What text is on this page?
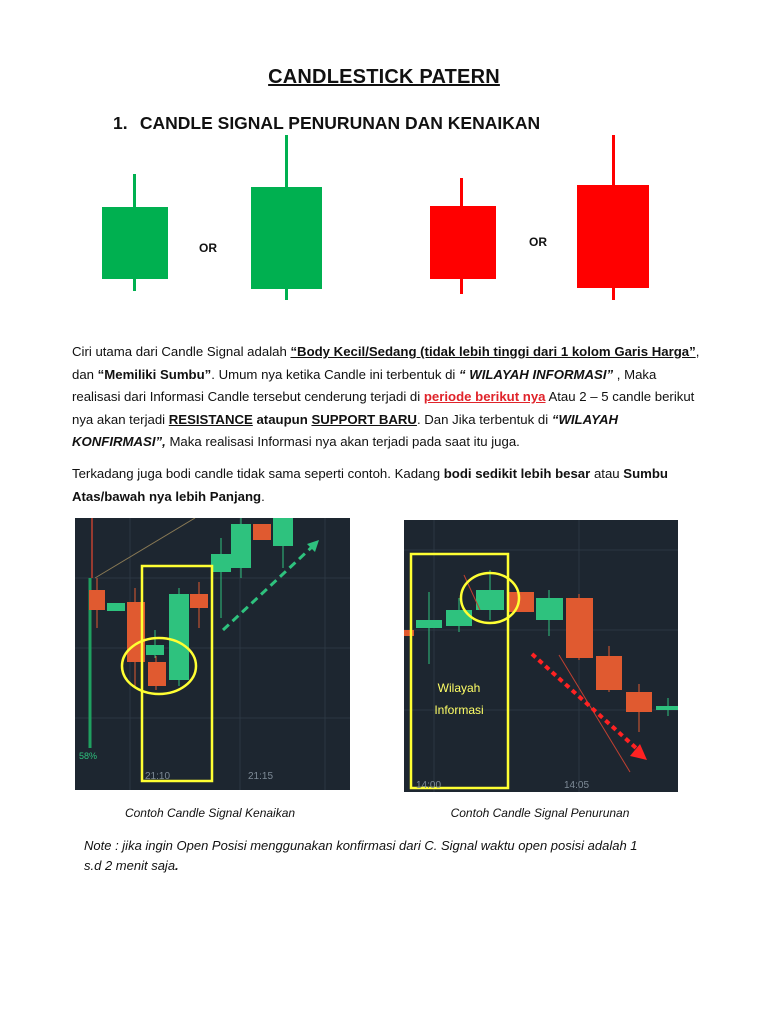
CANDLESTICK PATERN
1. CANDLE SIGNAL PENURUNAN DAN KENAIKAN
OR	OR
Ciri utama dari Candle Signal adalah “Body Kecil/Sedang (tidak lebih tinggi dari 1 kolom Garis Harga”, dan “Memiliki Sumbu”. Umum nya ketika Candle ini terbentuk di “ WILAYAH INFORMASI” , Maka realisasi dari Informasi Candle tersebut cenderung terjadi di periode berikut nya Atau 2 – 5 candle berikut nya akan terjadi RESISTANCE ataupun SUPPORT BARU. Dan Jika terbentuk di “WILAYAH KONFIRMASI”, Maka realisasi Informasi nya akan terjadi pada saat itu juga.
Terkadang juga bodi candle tidak sama seperti contoh. Kadang bodi sedikit lebih besar atau Sumbu Atas/bawah nya lebih Panjang.
58%
21:10	21:15
Wilayah
Informasi
14:00	14:05
Contoh Candle Signal Kenaikan	Contoh Candle Signal Penurunan
Note : jika ingin Open Posisi menggunakan konfirmasi dari C. Signal waktu open posisi adalah 1 s.d 2 menit saja.
